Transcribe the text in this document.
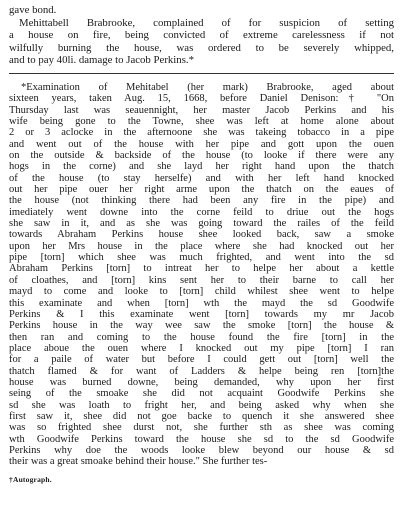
gave bond.
Mehittabell Brabrooke, complained of for suspicion of setting
a house on fire, being convicted of extreme carelessness if not
wilfully burning the house, was ordered to be severely whipped,
and to pay 40li. damage to Jacob Perkins.*
*Examination of Mehitabel (her mark) Brabrooke, aged about
sixteen years, taken Aug. 15, 1668, before Daniel Denison:† "On
Thursday last was seauennight, her master Jacob Perkins and his
wife being gone to the Towne, shee was left at home alone about
2 or 3 aclocke in the afternoone she was takeing tobacco in a pipe
and went out of the house with her pipe and gott upon the ouen
on the outside & backside of the house (to looke if there were any
hogs in the corne) and she layd her right hand upon the thatch
of the house (to stay herselfe) and with her left hand knocked
out her pipe ouer her right arme upon the thatch on the eaues of
the house (not thinking there had been any fire in the pipe) and
imediately went downe into the corne feild to driue out the hogs
she saw in it, and as she was going toward the railes of the feild
towards Abraham Perkins house shee looked back, saw a smoke
upon her Mrs house in the place where she had knocked out her
pipe [torn] which shee was much frighted, and went into the sd
Abraham Perkins [torn] to intreat her to helpe her about a kettle
of cloathes, and [torn] kins sent her to their barne to call her
mayd to come and looke to [torn] child whilest shee went to helpe
this examinate and when [torn] wth the mayd the sd Goodwife
Perkins & I this examinate went [torn] towards my mr Jacob
Perkins house in the way wee saw the smoke [torn] the house &
then ran and coming to the house found the fire [torn] in the
place aboue the ouen where I knocked out my pipe [torn] I ran
for a paile of water but before I could gett out [torn] well the
thatch flamed & for want of Ladders & helpe being ren [torn]the
house was burned downe, being demanded, why upon her first
seing of the smoake she did not acquaint Goodwife Perkins she
sd she was loath to fright her, and being asked why when she
first saw it, shee did not goe backe to quench it she answered shee
was so frighted shee durst not, she further sth as shee was coming
wth Goodwife Perkins toward the house she sd to the sd Goodwife
Perkins why doe the woods looke blew beyond our house & sd
their was a great smoake behind their house." She further tes-
†Autograph.
